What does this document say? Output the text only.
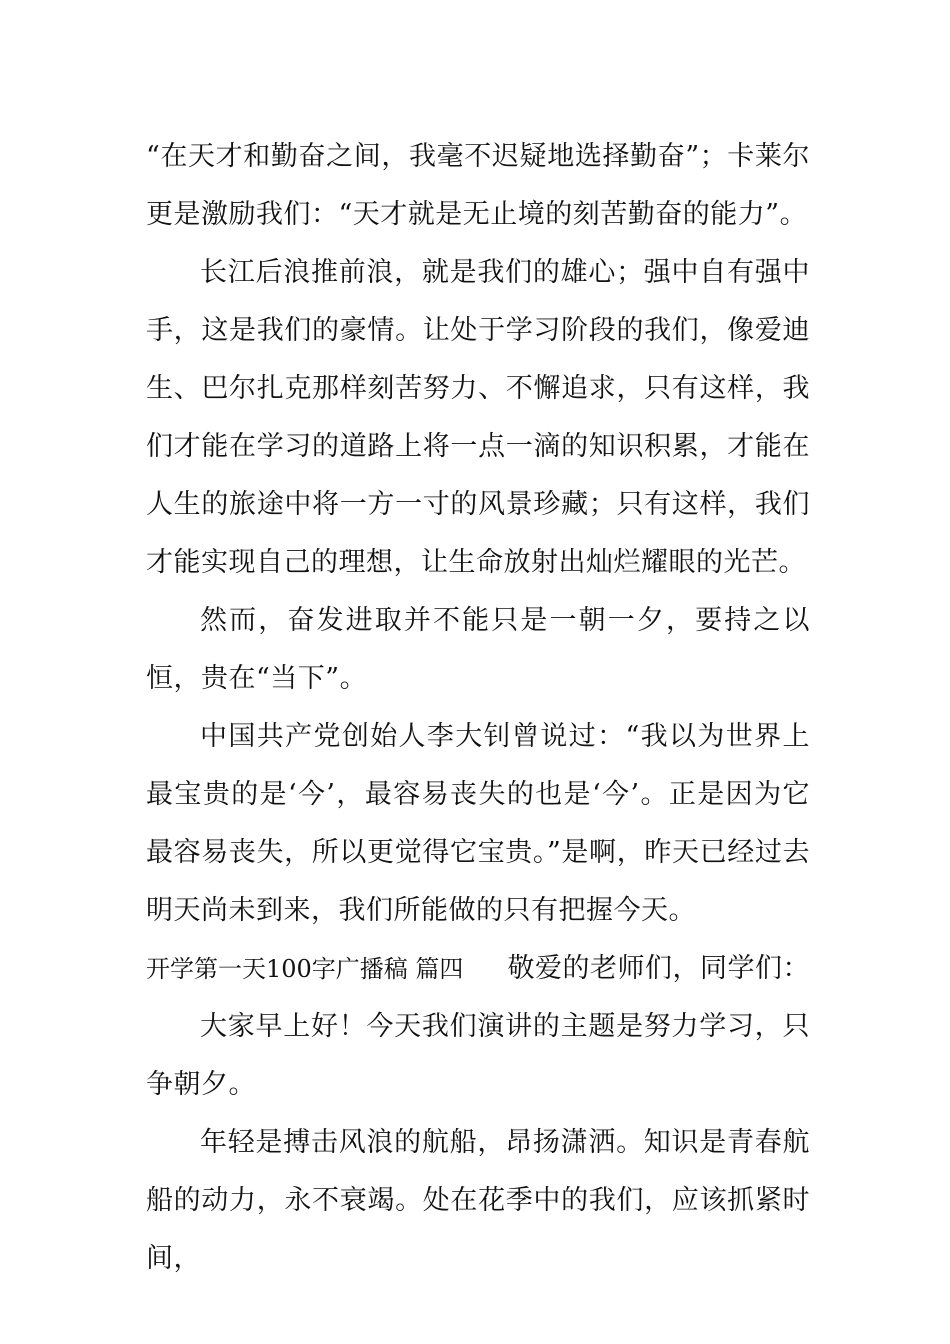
“在天才和勤奋之间，我毫不迟疑地选择勤奋”；卡莱尔更是激励我们：“天才就是无止境的刻苦勤奋的能力”。

长江后浪推前浪，就是我们的雄心；强中自有强中手，这是我们的豪情。让处于学习阶段的我们，像爱迪生、巴尔扎克那样刻苦努力、不懈追求，只有这样，我们才能在学习的道路上将一点一滴的知识积累，才能在人生的旅途中将一方一寸的风景珍藏；只有这样，我们才能实现自己的理想，让生命放射出灿烂耀眼的光芒。

然而，奋发进取并不能只是一朝一夕，要持之以恒，贵在“当下”。

中国共产党创始人李大钊曾说过：“我以为世界上最宝贵的是‘今’，最容易丧失的也是‘今’。正是因为它最容易丧失，所以更觉得它宝贵。”是啊，昨天已经过去明天尚未到来，我们所能做的只有把握今天。

开学第一天100字广播稿 篇四 敬爱的老师们，同学们：

大家早上好！今天我们演讲的主题是努力学习，只争朝夕。

年轻是搏击风浪的航船，昂扬潇洒。知识是青春航船的动力，永不衰竭。处在花季中的我们，应该抓紧时间，
